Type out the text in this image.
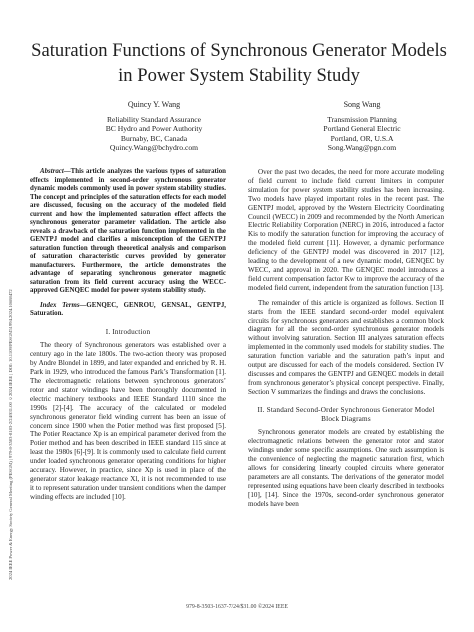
2024 IEEE Power & Energy Society General Meeting (PESGM) | 979-8-3503-8183-2/24/$31.00 ©2024 IEEE | DOI: 10.1109/PESGM51994.2024.10688472
Saturation Functions of Synchronous Generator Models in Power System Stability Study
Quincy Y. Wang
Reliability Standard Assurance
BC Hydro and Power Authority
Burnaby, BC, Canada
Quincy.Wang@bchydro.com
Song Wang
Transmission Planning
Portland General Electric
Portland, OR, U.S.A
Song.Wang@pgn.com

Abstract—This article analyzes the various types of saturation effects implemented in second-order synchronous generator dynamic models commonly used in power system stability studies. The concept and principles of the saturation effects for each model are discussed, focusing on the accuracy of the modeled field current and how the implemented saturation effect affects the synchronous generator parameter validation. The article also reveals a drawback of the saturation function implemented in the GENTPJ model and clarifies a misconception of the GENTPJ saturation function through theoretical analysis and comparison of saturation characteristic curves provided by generator manufacturers. Furthermore, the article demonstrates the advantage of separating synchronous generator magnetic saturation from its field current accuracy using the WECC-approved GENQEC model for power system stability study.

Index Terms—GENQEC, GENROU, GENSAL, GENTPJ, Saturation.

I. Introduction

The theory of Synchronous generators was established over a century ago in the late 1800s. The two-action theory was proposed by Andre Blondel in 1899, and later expanded and enriched by R. H. Park in 1929, who introduced the famous Park’s Transformation [1]. The electromagnetic relations between synchronous generators’ rotor and stator windings have been thoroughly documented in electric machinery textbooks and IEEE Standard 1110 since the 1990s [2]-[4]. The accuracy of the calculated or modeled synchronous generator field winding current has been an issue of concern since 1900 when the Potier method was first proposed [5]. The Potier Reactance Xp is an empirical parameter derived from the Potier method and has been described in IEEE standard 115 since at least the 1980s [6]-[9]. It is commonly used to calculate field current under loaded synchronous generator operating conditions for higher accuracy. However, in practice, since Xp is used in place of the generator stator leakage reactance Xl, it is not recommended to use it to represent saturation under transient conditions when the damper winding effects are included [10].

Over the past two decades, the need for more accurate modeling of field current to include field current limiters in computer simulation for power system stability studies has been increasing. Two models have played important roles in the recent past. The GENTPJ model, approved by the Western Electricity Coordinating Council (WECC) in 2009 and recommended by the North American Electric Reliability Corporation (NERC) in 2016, introduced a factor Kis to modify the saturation function for improving the accuracy of the modeled field current [11]. However, a dynamic performance deficiency of the GENTPJ model was discovered in 2017 [12], leading to the development of a new dynamic model, GENQEC by WECC, and approval in 2020. The GENQEC model introduces a field current compensation factor Kw to improve the accuracy of the modeled field current, independent from the saturation function [13].

The remainder of this article is organized as follows. Section II starts from the IEEE standard second-order model equivalent circuits for synchronous generators and establishes a common block diagram for all the second-order synchronous generator models without involving saturation. Section III analyzes saturation effects implemented in the commonly used models for stability studies. The saturation function variable and the saturation path’s input and output are discussed for each of the models considered. Section IV discusses and compares the GENTPJ and GENQEC models in detail from synchronous generator’s physical concept perspective. Finally, Section V summarizes the findings and draws the conclusions.

II. Standard Second-Order Synchronous Generator Model Block Diagrams

Synchronous generator models are created by establishing the electromagnetic relations between the generator rotor and stator windings under some specific assumptions. One such assumption is the convenience of neglecting the magnetic saturation first, which allows for considering linearly coupled circuits where generator parameters are all constants. The derivations of the generator model represented using equations have been clearly described in textbooks [10], [14]. Since the 1970s, second-order synchronous generator models have been

979-8-3503-1637-7/24/$31.00 ©2024 IEEE
